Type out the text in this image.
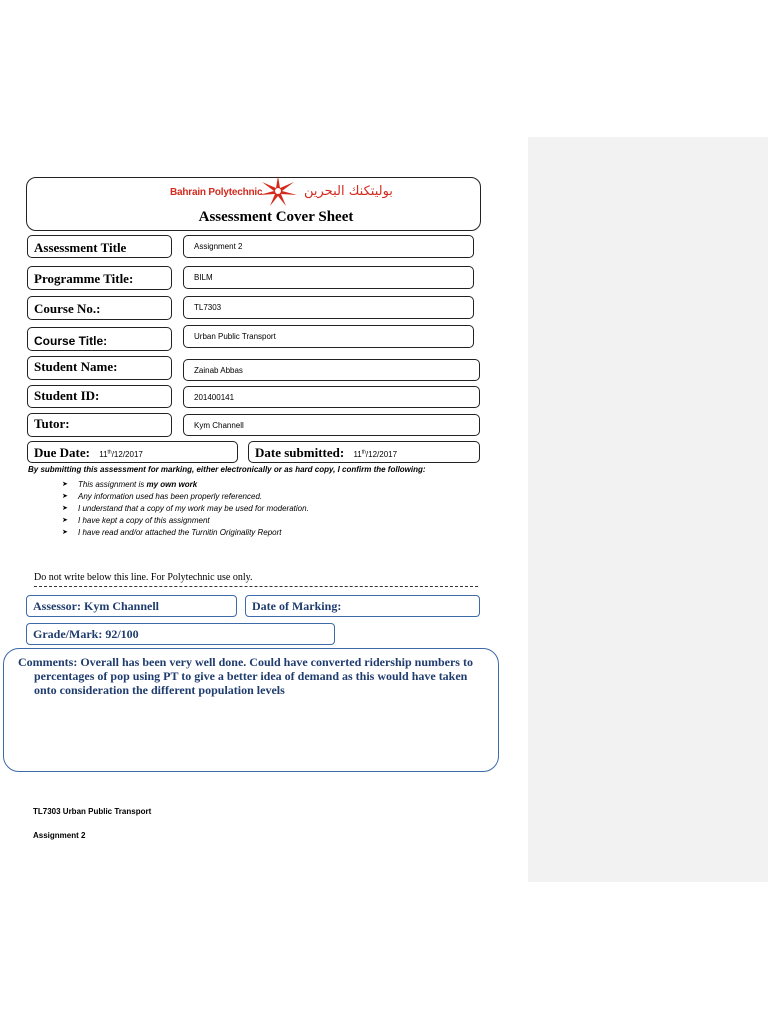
Bahrain Polytechnic	بوليتكنك البحرين
Assessment Cover Sheet
Assessment Title	Assignment 2
Programme Title:	BILM
Course No.:	TL7303
Course Title:	Urban Public Transport
Student Name:	Zainab Abbas
Student ID:	201400141
Tutor:	Kym Channell
Due Date: 11th/12/2017	Date submitted: 11th/12/2017
By submitting this assessment for marking, either electronically or as hard copy, I confirm the following:
➤ This assignment is my own work
➤ Any information used has been properly referenced.
➤ I understand that a copy of my work may be used for moderation.
➤ I have kept a copy of this assignment
➤ I have read and/or attached the Turnitin Originality Report
Do not write below this line. For Polytechnic use only.
Assessor: Kym Channell	Date of Marking:
Grade/Mark: 92/100
Comments: Overall has been very well done. Could have converted ridership numbers to
percentages of pop using PT to give a better idea of demand as this would have taken
onto consideration the different population levels
TL7303 Urban Public Transport
Assignment 2
